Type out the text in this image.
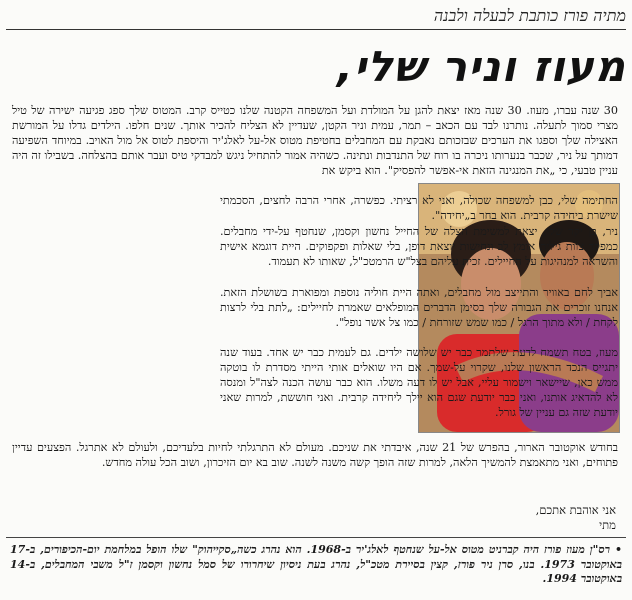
מתיה פורז כותבת לבעלה ולבנה
מעוז וניר שלי,
30 שנה עברו, מעוז. 30 שנה מאז יצאת להגן על המולדת ועל המשפחה הקטנה שלנו כטייס קרב. המטוס שלך ספג פגיעה ישירה של טיל מצרי סמוך לתעלה. נותרנו לבד עם הכאב – תמר, עמית וניר הקטן, שעדיין לא הצליח להכיר אותך. שנים חלפו. הילדים גדלו על המורשת האצילה שלך וספגו את הערכים שבזכותם נאבקת עם המחבלים בחטיפת מטוס אל-על לאלג'יר והיספת לטוס אל מול האויב. במיוחד השפיעה דמותך על ניר, שכבר בנערותו ניכרה בו רוח של התנדבות ונתינה. כשהיה אמור להתחיל ניגש למבדקי טיס ועבר אותם בהצלחה. בשבילו זה היה עניין טבעי, כי „את המנגינה הזאת אי-אפשר להפסיק". הוא ביקש את
החתימה שלי, כבן למשפחה שכולה, ואני לא רציתי. כפשרה, אחרי הרבה לחצים, הסכמתי שישרת ביחידה קרבית. הוא בחר ב„יחידה".
ניר, בן יקר שלי, יצאת למשימת הצלה של החייל נחשון וקסמן, שנחטף על-ידי מחבלים. כמפקד צוות גילית אומץ לב ונחישות יוצאת דופן, בלי שאלות ופקפוקים. היית דוגמא אישית והשראה למנהיגות על החיילים. זכית עליהם בצל"ש הרמטכ"ל, שאותו לא תעמוד.
אביך לחם באוויר והתייצב מול מחבלים, ואתה היית חוליה נוספת ומפוארת בשושלת הזאת. אנחנו זוכרים את הגבורה שלך בסימן הדברים המופלאים שאמרת לחיילים: „לתת בלי לרצות לקחת / ולא מתוך הרגל / כמו שמש שזורחת / כמו צל אשר נופל".
מעוז, בטח תשמח לדעת שלתמר כבר יש שלושה ילדים. גם לעמית כבר יש אחד. בעוד שנה יתגייס הנכד הראשון שלנו, שקרוי על-שמך. אם היו שואלים אותי הייתי מסדרת לו בוטקה ממש כאן, שיישאר וישמור עליי, אבל יש לו דעה משלו. הוא כבר עושה הכנה לצה"ל ומנסה לא להדאיג אותנו, ואני כבר יודעת שגם הוא יילך ליחידה קרבית. ואני חוששת, למרות שאני יודעת שזה גם עניין של גורל.
בחודש אוקטובר הארור, בהפרש של 21 שנה, איבדתי את שניכם. מעולם לא התרגלתי לחיות בלעדיכם, ולעולם לא אתרגל. הפצעים עדיין פתוחים, ואני מתאמצת להמשיך הלאה, למרות שזה הופך קשה משנה לשנה. שוב בא יום הזיכרון, ושוב הכל עולה מחדש.
אני אוהבת אתכם,
מתי
• רס"ן מעוז פורז היה קברניט מטוס אל-על שנחטף לאלג'יר ב-1968. הוא נהרג כשה„סקייהוק" שלו הופל במלחמת יום-הכיפורים, ב-17 באוקטובר 1973. בנו, סרן ניר פורז, קצין בסיירת מטכ"ל, נהרג בעת ניסיון שיחרורו של סמל נחשון וקסמן ז"ל משבי המחבלים, ב-14 באוקטובר 1994.
